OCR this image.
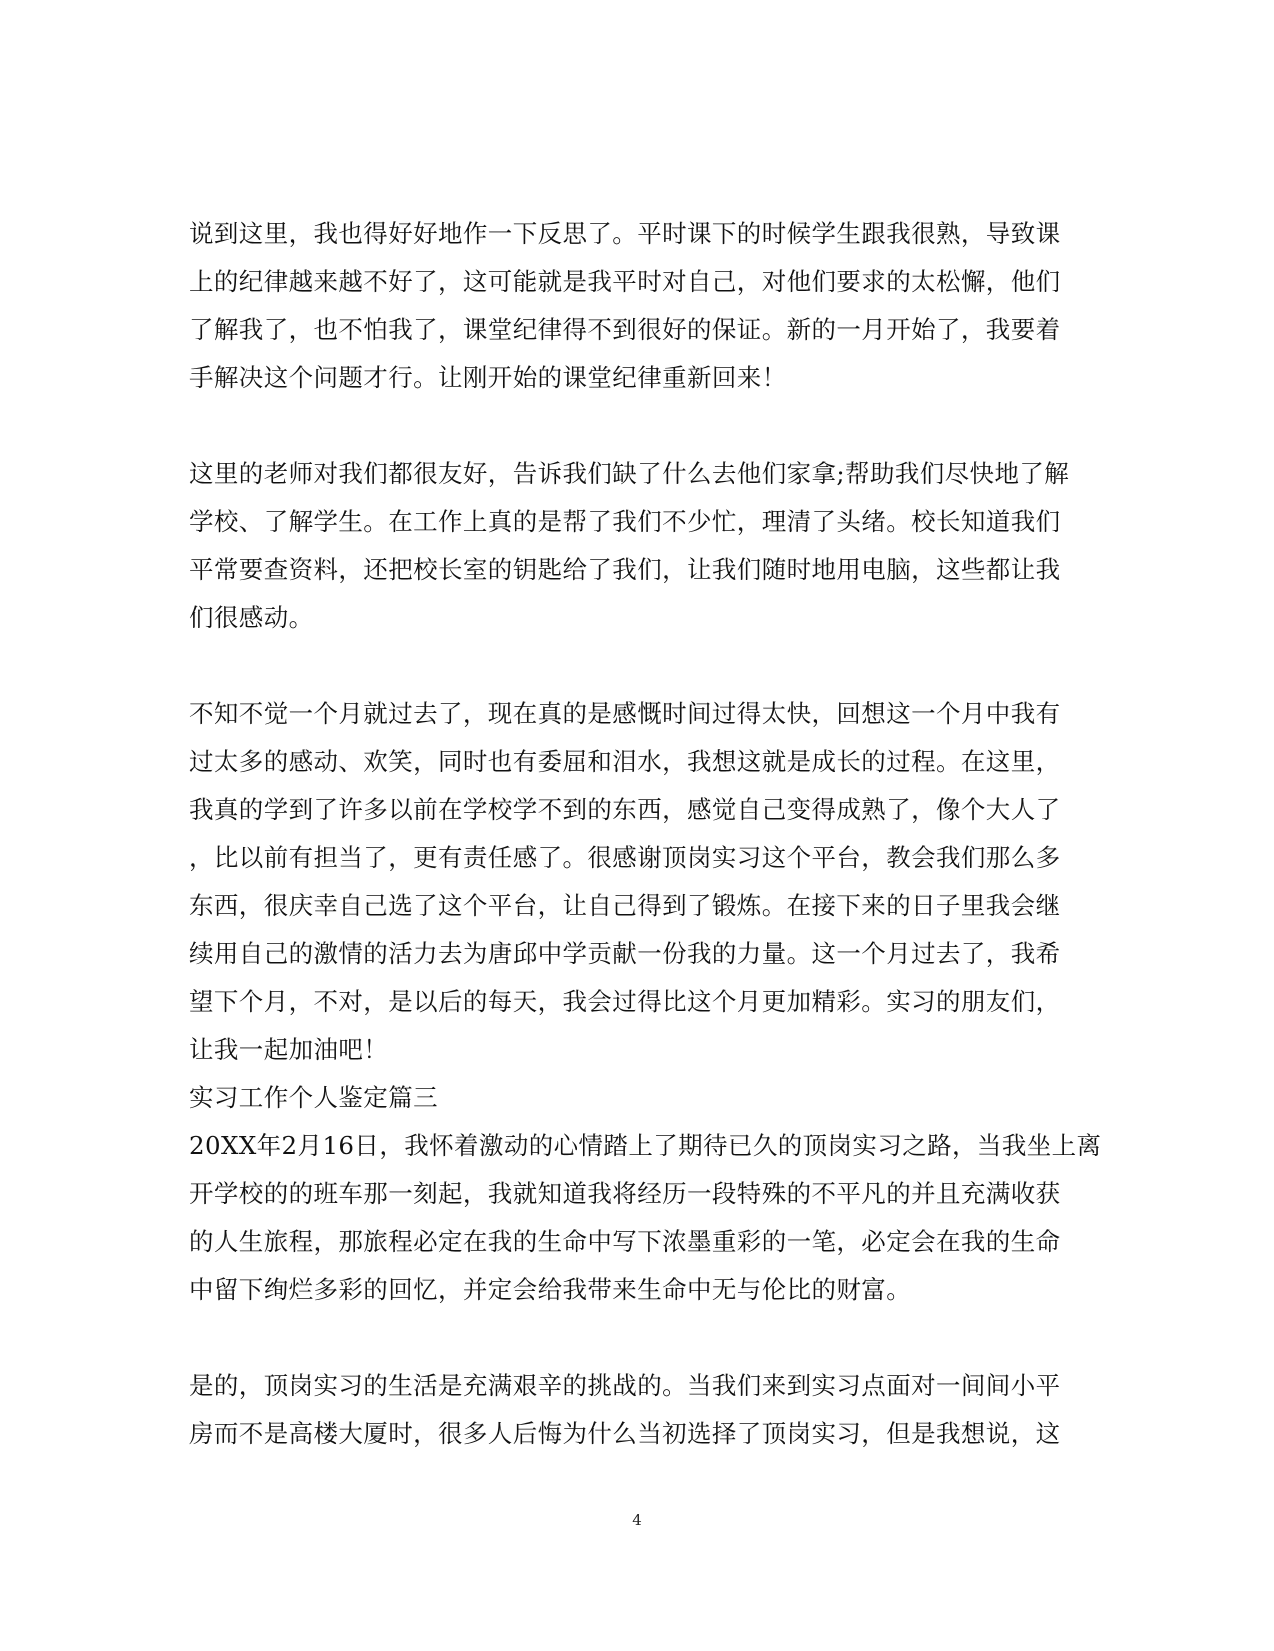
说到这里，我也得好好地作一下反思了。平时课下的时候学生跟我很熟，导致课
上的纪律越来越不好了，这可能就是我平时对自己，对他们要求的太松懈，他们
了解我了，也不怕我了，课堂纪律得不到很好的保证。新的一月开始了，我要着
手解决这个问题才行。让刚开始的课堂纪律重新回来！
这里的老师对我们都很友好，告诉我们缺了什么去他们家拿;帮助我们尽快地了解
学校、了解学生。在工作上真的是帮了我们不少忙，理清了头绪。校长知道我们
平常要查资料，还把校长室的钥匙给了我们，让我们随时地用电脑，这些都让我
们很感动。
不知不觉一个月就过去了，现在真的是感慨时间过得太快，回想这一个月中我有
过太多的感动、欢笑，同时也有委屈和泪水，我想这就是成长的过程。在这里，
我真的学到了许多以前在学校学不到的东西，感觉自己变得成熟了，像个大人了
，比以前有担当了，更有责任感了。很感谢顶岗实习这个平台，教会我们那么多
东西，很庆幸自己选了这个平台，让自己得到了锻炼。在接下来的日子里我会继
续用自己的激情的活力去为唐邱中学贡献一份我的力量。这一个月过去了，我希
望下个月，不对，是以后的每天，我会过得比这个月更加精彩。实习的朋友们，
让我一起加油吧！
实习工作个人鉴定篇三
20XX年2月16日，我怀着激动的心情踏上了期待已久的顶岗实习之路，当我坐上离
开学校的的班车那一刻起，我就知道我将经历一段特殊的不平凡的并且充满收获
的人生旅程，那旅程必定在我的生命中写下浓墨重彩的一笔，必定会在我的生命
中留下绚烂多彩的回忆，并定会给我带来生命中无与伦比的财富。
是的，顶岗实习的生活是充满艰辛的挑战的。当我们来到实习点面对一间间小平
房而不是高楼大厦时，很多人后悔为什么当初选择了顶岗实习，但是我想说，这
4
